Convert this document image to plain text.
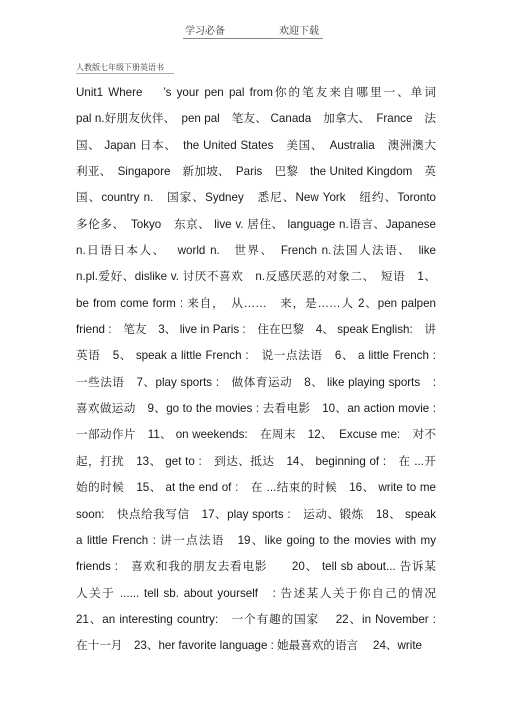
学习必备	欢迎下载
人教版七年级下册英语书
Unit1 Where　 ’s your pen pal from你的笔友来自哪里一、单词
pal n.好朋友伙伴、　pen pal　笔友、 Canada　加拿大、　France　法
国、 Japan 日本、　the United States　美国、　Australia　澳洲澳大
利亚、　Singapore　新加坡、　Paris　巴黎　the United Kingdom　英
国、country n.　国家、Sydney　悉尼、New York　纽约、Toronto
多伦多、　Tokyo　东京、 live v. 居住、 language n.语言、Japanese
n.日语日本人、　 world n.　世界、　French n.法国人法语、　like
n.pl.爱好、dislike v. 讨厌不喜欢　n.反感厌恶的对象二、　短语　1、
be from come form : 来自，　从……　来，是……人 2、pen palpen
friend :　笔友　3、 live in Paris :　住在巴黎　4、 speak English:　讲
英语　5、 speak a little French :　说一点法语　6、 a little French :
一些法语　7、play sports :　做体育运动　8、 like playing sports　:
喜欢做运动　9、go to the movies : 去看电影　10、an action movie :
一部动作片　11、 on weekends:　在周末　12、　Excuse me:　对不
起，打扰　13、 get to :　到达、抵达　14、 beginning of :　在 ...开
始的时候　15、 at the end of :　在 ...结束的时候　16、 write to me
soon:　快点给我写信　17、play sports :　运动、锻炼　18、 speak
a little French : 讲一点法语　19、like going to the movies with my
friends :　喜欢和我的朋友去看电影　　20、 tell sb about... 告诉某
人关于 ...... tell sb. about yourself　: 告述某人关于你自己的情况
21、an interesting country:　一个有趣的国家　 22、in November :
在十一月　23、her favorite language : 她最喜欢的语言　 24、write
